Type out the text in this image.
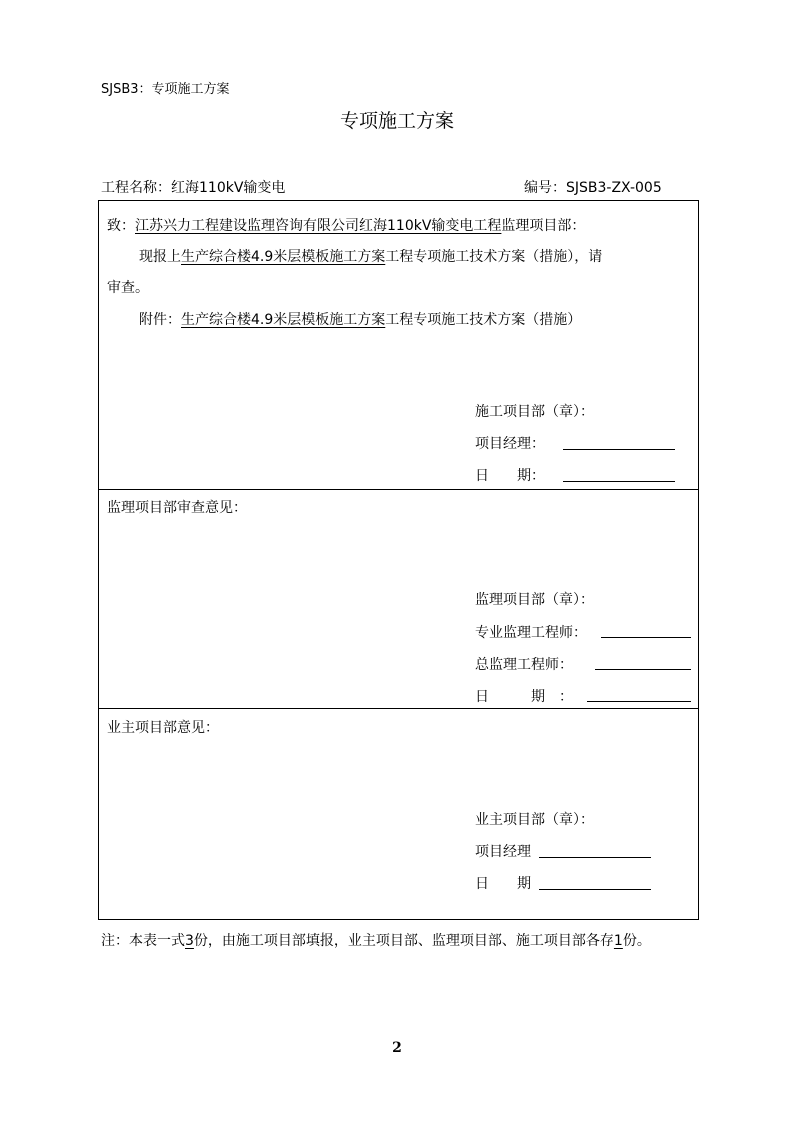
SJSB3：专项施工方案
专项施工方案
工程名称：红海110kV输变电	编号：SJSB3-ZX-005
致：江苏兴力工程建设监理咨询有限公司红海110kV输变电工程监理项目部：
现报上生产综合楼4.9米层模板施工方案工程专项施工技术方案（措施），请
审查。
附件：生产综合楼4.9米层模板施工方案工程专项施工技术方案（措施）
施工项目部（章）：
项目经理：
日　　期：
监理项目部审查意见：
监理项目部（章）：
专业监理工程师：
总监理工程师：
日　　　期　：
业主项目部意见：
业主项目部（章）：
项目经理
日　　期
注：本表一式3份，由施工项目部填报，业主项目部、监理项目部、施工项目部各存1份。
2
